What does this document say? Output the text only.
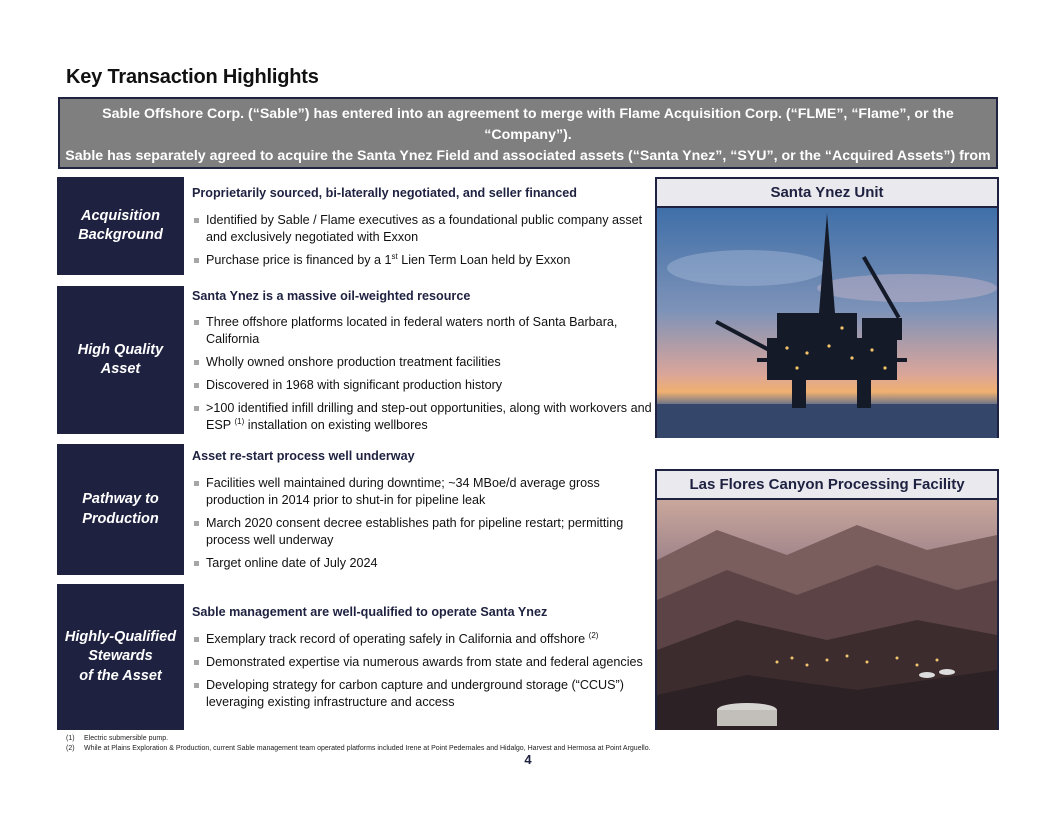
Key Transaction Highlights
Sable Offshore Corp. (“Sable”) has entered into an agreement to merge with Flame Acquisition Corp. (“FLME”, “Flame”, or the “Company”).
Sable has separately agreed to acquire the Santa Ynez Field and associated assets (“Santa Ynez”, “SYU”, or the “Acquired Assets”) from
ExxonMobil (“Exxon”)
Acquisition
Background
Proprietarily sourced, bi-laterally negotiated, and seller financed
Identified by Sable / Flame executives as a foundational public company asset and exclusively negotiated with Exxon
Purchase price is financed by a 1st Lien Term Loan held by Exxon
High Quality
Asset
Santa Ynez is a massive oil-weighted resource
Three offshore platforms located in federal waters north of Santa Barbara, California
Wholly owned onshore production treatment facilities
Discovered in 1968 with significant production history
>100 identified infill drilling and step-out opportunities, along with workovers and ESP $^{(1)}$ installation on existing wellbores
Pathway to
Production
Asset re-start process well underway
Facilities well maintained during downtime; ~34 MBoe/d average gross production in 2014 prior to shut-in for pipeline leak
March 2020 consent decree establishes path for pipeline restart; permitting process well underway
Target online date of July 2024
Highly-Qualified
Stewards
of the Asset
Sable management are well-qualified to operate Santa Ynez
Exemplary track record of operating safely in California and offshore $^{(2)}$
Demonstrated expertise via numerous awards from state and federal agencies
Developing strategy for carbon capture and underground storage (“CCUS”) leveraging existing infrastructure and access
Santa Ynez Unit
Las Flores Canyon Processing Facility
(1) Electric submersible pump.
(2) While at Plains Exploration & Production, current Sable management team operated platforms included Irene at Point Pedernales and Hidalgo, Harvest and Hermosa at Point Arguello.
4
